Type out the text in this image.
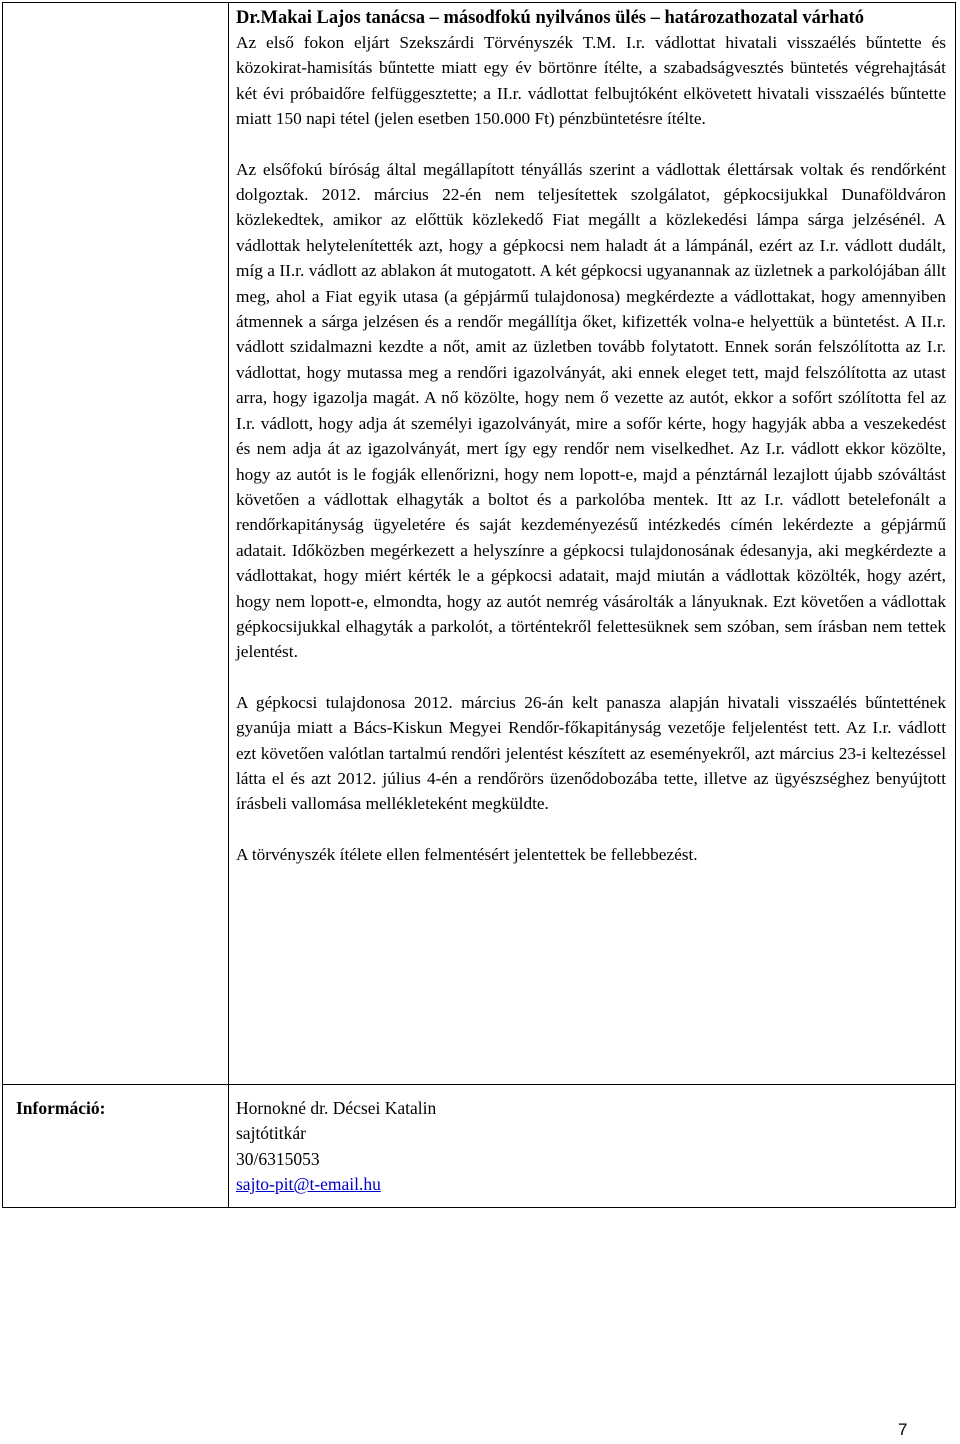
Dr.Makai Lajos tanácsa – másodfokú nyilvános ülés – határozathozatal várható

Az első fokon eljárt Szekszárdi Törvényszék T.M. I.r. vádlottat hivatali visszaélés bűntette és közokirat-hamisítás bűntette miatt egy év börtönre ítélte, a szabadságvesztés büntetés végrehajtását két évi próbaidőre felfüggesztette; a II.r. vádlottat felbujtóként elkövetett hivatali visszaélés bűntette miatt 150 napi tétel (jelen esetben 150.000 Ft) pénzbüntetésre ítélte.

Az elsőfokú bíróság által megállapított tényállás szerint a vádlottak élettársak voltak és rendőrként dolgoztak. 2012. március 22-én nem teljesítettek szolgálatot, gépkocsijukkal Dunaföldváron közlekedtek, amikor az előttük közlekedő Fiat megállt a közlekedési lámpa sárga jelzésénél. A vádlottak helytelenítették azt, hogy a gépkocsi nem haladt át a lámpánál, ezért az I.r. vádlott dudált, míg a II.r. vádlott az ablakon át mutogatott. A két gépkocsi ugyanannak az üzletnek a parkolójában állt meg, ahol a Fiat egyik utasa (a gépjármű tulajdonosa) megkérdezte a vádlottakat, hogy amennyiben átmennek a sárga jelzésen és a rendőr megállítja őket, kifizették volna-e helyettük a büntetést. A II.r. vádlott szidalmazni kezdte a nőt, amit az üzletben tovább folytatott. Ennek során felszólította az I.r. vádlottat, hogy mutassa meg a rendőri igazolványát, aki ennek eleget tett, majd felszólította az utast arra, hogy igazolja magát. A nő közölte, hogy nem ő vezette az autót, ekkor a sofőrt szólította fel az I.r. vádlott, hogy adja át személyi igazolványát, mire a sofőr kérte, hogy hagyják abba a veszekedést és nem adja át az igazolványát, mert így egy rendőr nem viselkedhet. Az I.r. vádlott ekkor közölte, hogy az autót is le fogják ellenőrizni, hogy nem lopott-e, majd a pénztárnál lezajlott újabb szóváltást követően a vádlottak elhagyták a boltot és a parkolóba mentek. Itt az I.r. vádlott betelefonált a rendőrkapitányság ügyeletére és saját kezdeményezésű intézkedés címén lekérdezte a gépjármű adatait. Időközben megérkezett a helyszínre a gépkocsi tulajdonosának édesanyja, aki megkérdezte a vádlottakat, hogy miért kérték le a gépkocsi adatait, majd miután a vádlottak közölték, hogy azért, hogy nem lopott-e, elmondta, hogy az autót nemrég vásárolták a lányuknak. Ezt követően a vádlottak gépkocsijukkal elhagyták a parkolót, a történtekről felettesüknek sem szóban, sem írásban nem tettek jelentést.

A gépkocsi tulajdonosa 2012. március 26-án kelt panasza alapján hivatali visszaélés bűntettének gyanúja miatt a Bács-Kiskun Megyei Rendőr-főkapitányság vezetője feljelentést tett. Az I.r. vádlott ezt követően valótlan tartalmú rendőri jelentést készített az eseményekről, azt március 23-i keltezéssel látta el és azt 2012. július 4-én a rendőrörs üzenődobozába tette, illetve az ügyészséghez benyújtott írásbeli vallomása mellékleteként megküldte.

A törvényszék ítélete ellen felmentésért jelentettek be fellebbezést.

Információ:	Hornokné dr. Décsei Katalin
sajtótitkár
30/6315053
sajto-pit@t-email.hu
7
